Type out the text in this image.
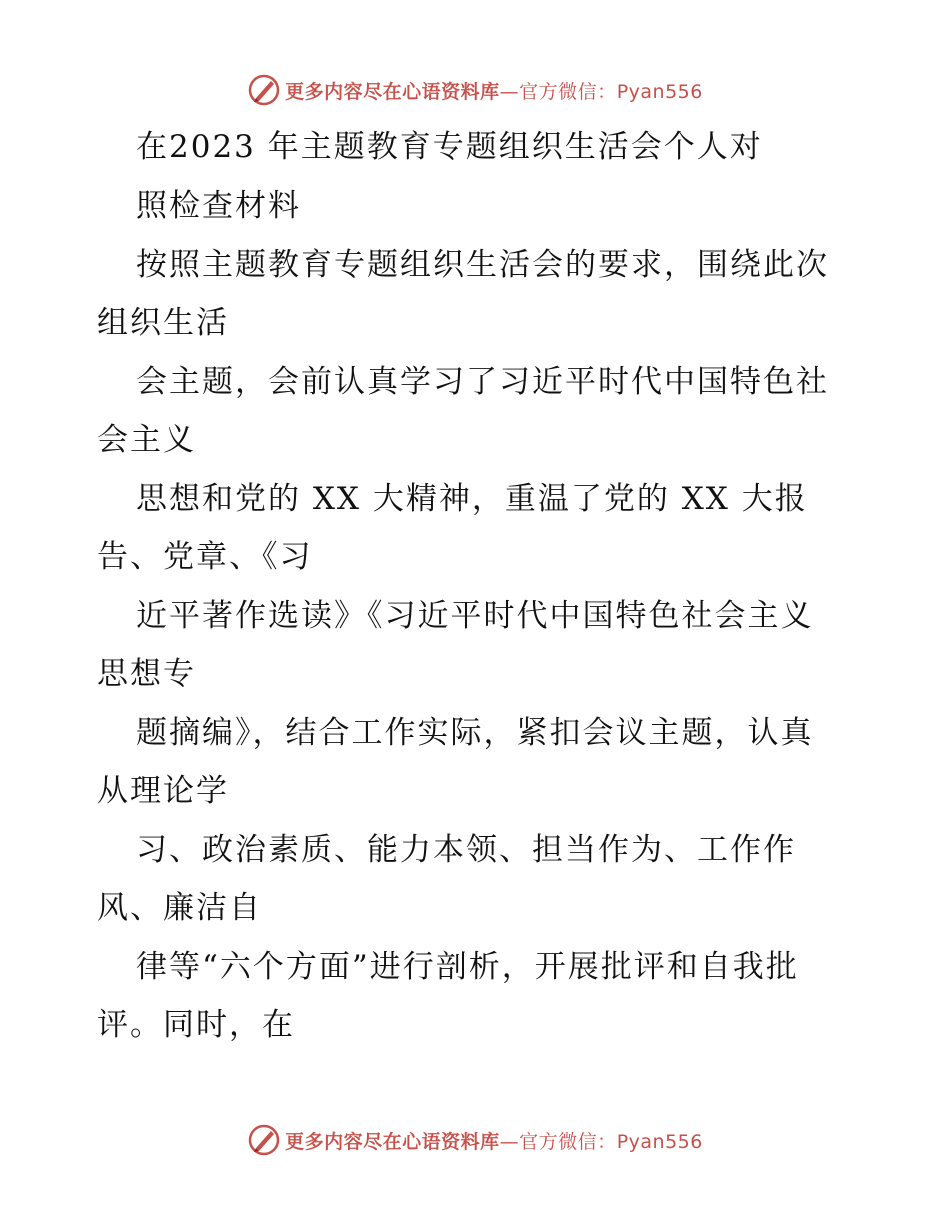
更多内容尽在心语资料库—官方微信：Pyan556
在2023 年主题教育专题组织生活会个人对
照检查材料
按照主题教育专题组织生活会的要求，围绕此次
组织生活
会主题，会前认真学习了习近平时代中国特色社
会主义
思想和党的 XX 大精神，重温了党的 XX 大报
告、党章、《习
近平著作选读》《习近平时代中国特色社会主义
思想专
题摘编》，结合工作实际，紧扣会议主题，认真
从理论学
习、政治素质、能力本领、担当作为、工作作
风、廉洁自
律等“六个方面”进行剖析，开展批评和自我批
评。同时，在
更多内容尽在心语资料库—官方微信：Pyan556
